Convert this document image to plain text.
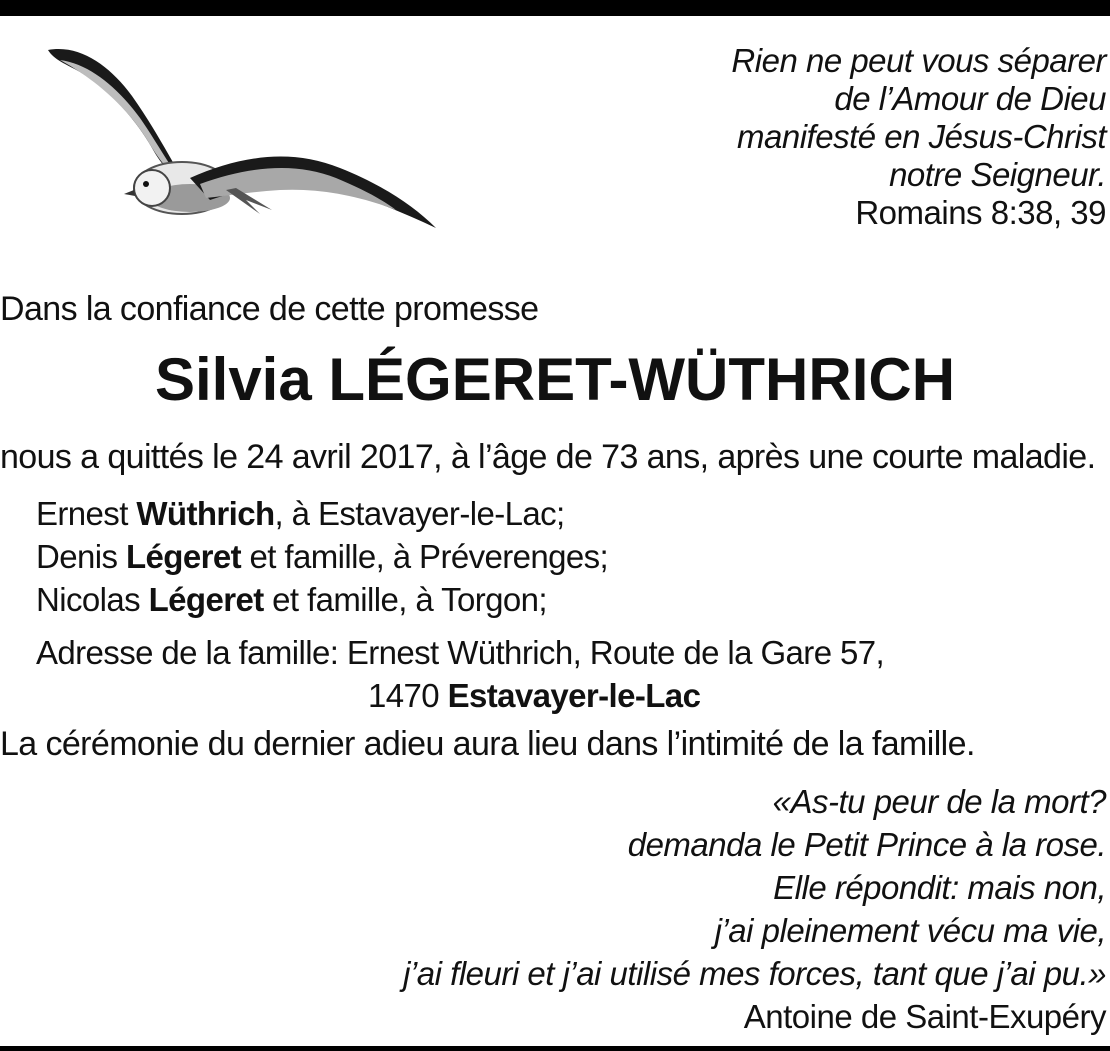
Rien ne peut vous séparer
de l’Amour de Dieu
manifesté en Jésus-Christ
notre Seigneur.
Romains 8:38, 39
Dans la confiance de cette promesse
Silvia LÉGERET-WÜTHRICH
nous a quittés le 24 avril 2017, à l’âge de 73 ans, après une courte maladie.
Ernest Wüthrich, à Estavayer-le-Lac;
Denis Légeret et famille, à Préverenges;
Nicolas Légeret et famille, à Torgon;
Adresse de la famille: Ernest Wüthrich, Route de la Gare 57,
1470 Estavayer-le-Lac
La cérémonie du dernier adieu aura lieu dans l’intimité de la famille.
«As-tu peur de la mort?
demanda le Petit Prince à la rose.
Elle répondit: mais non,
j’ai pleinement vécu ma vie,
j’ai fleuri et j’ai utilisé mes forces, tant que j’ai pu.»
Antoine de Saint-Exupéry
